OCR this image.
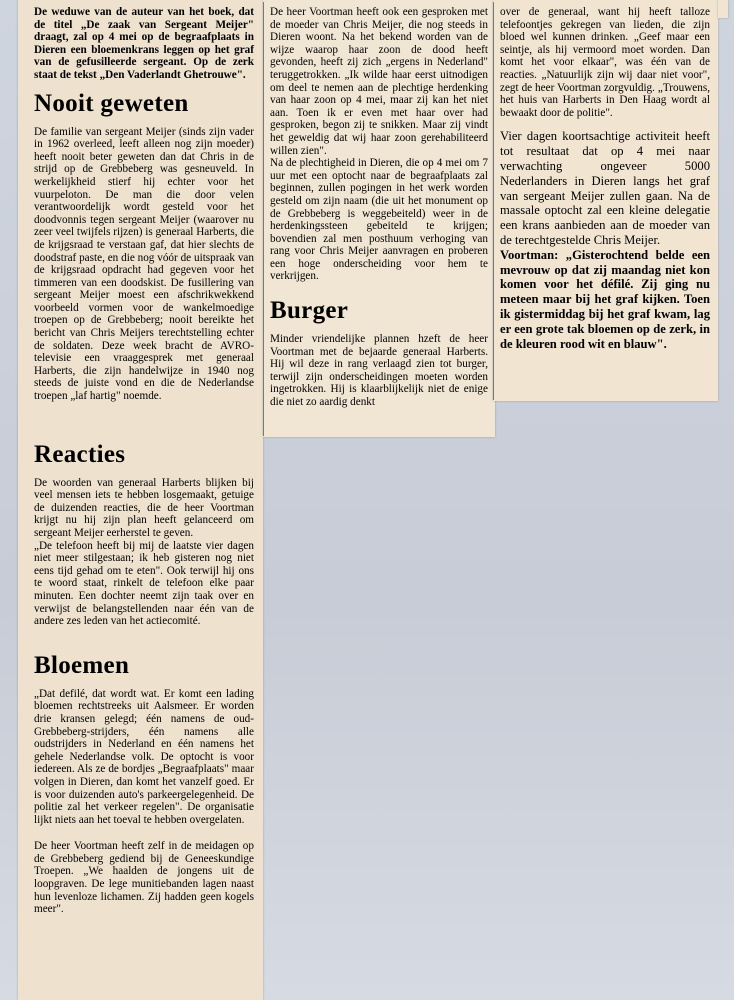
De weduwe van de auteur van het boek, dat de titel „De zaak van Sergeant Meijer" draagt, zal op 4 mei op de begraafplaats in Dieren een bloemenkrans leggen op het graf van de gefusilleerde sergeant. Op de zerk staat de tekst „Den Vaderlandt Ghetrouwe".

Nooit geweten

De familie van sergeant Meijer (sinds zijn vader in 1962 overleed, leeft alleen nog zijn moeder) heeft nooit beter geweten dan dat Chris in de strijd op de Grebbeberg was gesneuveld. In werkelijkheid stierf hij echter voor het vuurpeloton. De man die door velen verantwoordelijk wordt gesteld voor het doodvonnis tegen sergeant Meijer (waarover nu zeer veel twijfels rijzen) is generaal Harberts, die de krijgsraad te verstaan gaf, dat hier slechts de doodstraf paste, en die nog vóór de uitspraak van de krijgsraad opdracht had gegeven voor het timmeren van een doodskist. De fusillering van sergeant Meijer moest een afschrikwekkend voorbeeld vormen voor de wankelmoedige troepen op de Grebbeberg; nooit bereikte het bericht van Chris Meijers terechtstelling echter de soldaten. Deze week bracht de AVRO-televisie een vraaggesprek met generaal Harberts, die zijn handelwijze in 1940 nog steeds de juiste vond en die de Nederlandse troepen „laf hartig" noemde.

Reacties

De woorden van generaal Harberts blijken bij veel mensen iets te hebben losgemaakt, getuige de duizenden reacties, die de heer Voortman krijgt nu hij zijn plan heeft gelanceerd om sergeant Meijer eerherstel te geven.

„De telefoon heeft bij mij de laatste vier dagen niet meer stilgestaan; ik heb gisteren nog niet eens tijd gehad om te eten". Ook terwijl hij ons te woord staat, rinkelt de telefoon elke paar minuten. Een dochter neemt zijn taak over en verwijst de belangstellenden naar één van de andere zes leden van het actiecomité.

Bloemen

„Dat defilé, dat wordt wat. Er komt een lading bloemen rechtstreeks uit Aalsmeer. Er worden drie kransen gelegd; één namens de oud-Grebbeberg-strijders, één namens alle oudstrijders in Nederland en één namens het gehele Nederlandse volk. De optocht is voor iedereen. Als ze de bordjes „Begraafplaats" maar volgen in Dieren, dan komt het vanzelf goed. Er is voor duizenden auto's parkeergelegenheid. De politie zal het verkeer regelen". De organisatie lijkt niets aan het toeval te hebben overgelaten.

De heer Voortman heeft zelf in de meidagen op de Grebbeberg gediend bij de Geneeskundige Troepen. „We haalden de jongens uit de loopgraven. De lege munitiebanden lagen naast hun levenloze lichamen. Zij hadden geen kogels meer".

De heer Voortman heeft ook een gesproken met de moeder van Chris Meijer, die nog steeds in Dieren woont. Na het bekend worden van de wijze waarop haar zoon de dood heeft gevonden, heeft zij zich „ergens in Nederland" teruggetrokken. „Ik wilde haar eerst uitnodigen om deel te nemen aan de plechtige herdenking van haar zoon op 4 mei, maar zij kan het niet aan. Toen ik er even met haar over had gesproken, begon zij te snikken. Maar zij vindt het geweldig dat wij haar zoon gerehabiliteerd willen zien".

Na de plechtigheid in Dieren, die op 4 mei om 7 uur met een optocht naar de begraafplaats zal beginnen, zullen pogingen in het werk worden gesteld om zijn naam (die uit het monument op de Grebbeberg is weggebeiteld) weer in de herdenkingssteen gebeiteld te krijgen; bovendien zal men posthuum verhoging van rang voor Chris Meijer aanvragen en proberen een hoge onderscheiding voor hem te verkrijgen.

Burger

Minder vriendelijke plannen hzeft de heer Voortman met de bejaarde generaal Harberts. Hij wil deze in rang verlaagd zien tot burger, terwijl zijn onderscheidingen moeten worden ingetrokken. Hij is klaarblijkelijk niet de enige die niet zo aardig denkt

over de generaal, want hij heeft talloze telefoontjes gekregen van lieden, die zijn bloed wel kunnen drinken. „Geef maar een seintje, als hij vermoord moet worden. Dan komt het voor elkaar", was één van de reacties. „Natuurlijk zijn wij daar niet voor", zegt de heer Voortman zorgvuldig. „Trouwens, het huis van Harberts in Den Haag wordt al bewaakt door de politie".

Vier dagen koortsachtige activiteit heeft tot resultaat dat op 4 mei naar verwachting ongeveer 5000 Nederlanders in Dieren langs het graf van sergeant Meijer zullen gaan. Na de massale optocht zal een kleine delegatie een krans aanbieden aan de moeder van de terechtgestelde Chris Meijer.

Voortman: „Gisterochtend belde een mevrouw op dat zij maandag niet kon komen voor het défilé. Zij ging nu meteen maar bij het graf kijken. Toen ik gistermiddag bij het graf kwam, lag er een grote tak bloemen op de zerk, in de kleuren rood wit en blauw".
